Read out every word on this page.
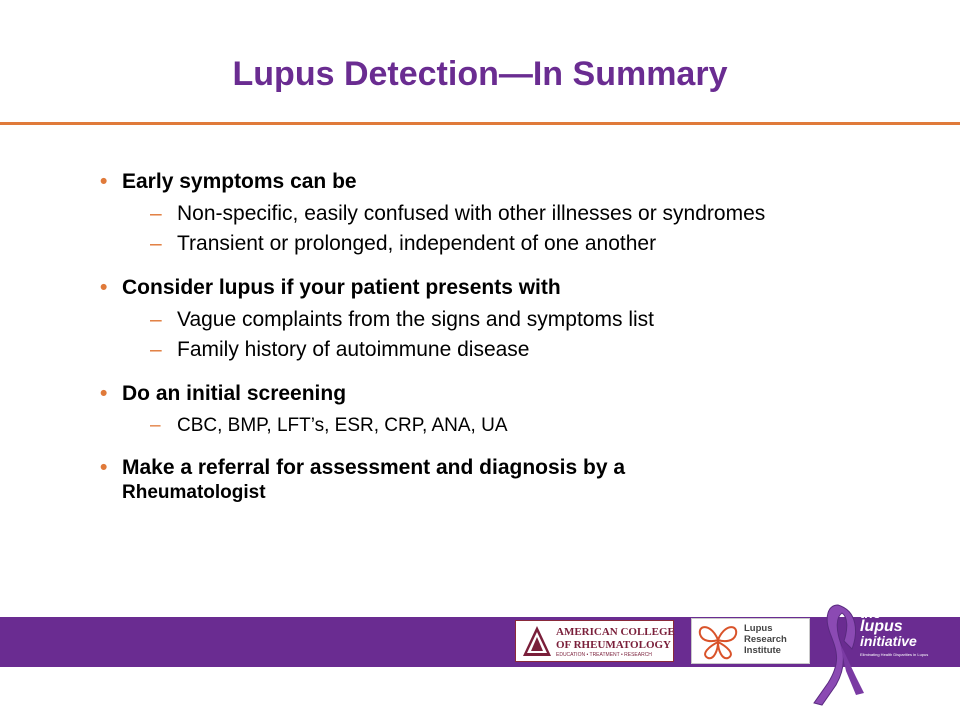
Lupus Detection—In Summary
• Early symptoms can be
– Non-specific, easily confused with other illnesses or syndromes
– Transient or prolonged, independent of one another
• Consider lupus if your patient presents with
– Vague complaints from the signs and symptoms list
– Family history of autoimmune disease
• Do an initial screening
– CBC, BMP, LFT’s, ESR, CRP, ANA, UA
• Make a referral for assessment and diagnosis by a
Rheumatologist
AMERICAN COLLEGE
OF RHEUMATOLOGY
EDUCATION • TREATMENT • RESEARCH
Lupus
Research
Institute
the
lupus
initiative
Eliminating Health Disparities in Lupus
